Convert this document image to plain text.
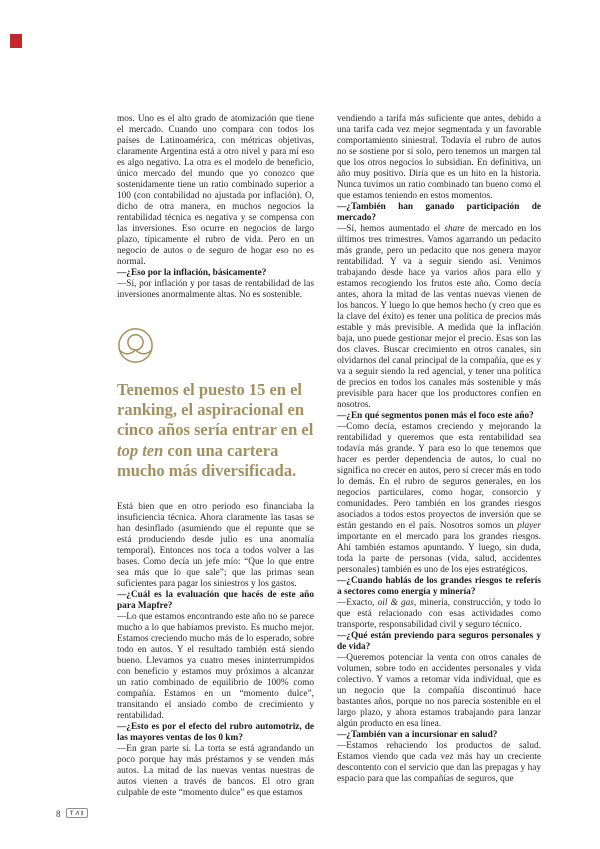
mos. Uno es el alto grado de atomización que tiene el mercado. Cuando uno compara con todos los países de Latinoamérica, con métricas objetivas, claramente Argentina está a otro nivel y para mí eso es algo negativo. La otra es el modelo de beneficio, único mercado del mundo que yo conozco que sostenidamente tiene un ratio combinado superior a 100 (con contabilidad no ajustada por inflación). O, dicho de otra manera, en muchos negocios la rentabilidad técnica es negativa y se compensa con las inversiones. Eso ocurre en negocios de largo plazo, típicamente el rubro de vida. Pero en un negocio de autos o de seguro de hogar eso no es normal.

—¿Eso por la inflación, básicamente?

—Sí, por inflación y por tasas de rentabilidad de las inversiones anormalmente altas. No es sostenible.

Tenemos el puesto 15 en el ranking, el aspiracional en cinco años sería entrar en el top ten con una cartera mucho más diversificada.

Está bien que en otro periodo eso financiaba la insuficiencia técnica. Ahora claramente las tasas se han desinflado (asumiendo que el repunte que se está produciendo desde julio es una anomalía temporal). Entonces nos toca a todos volver a las bases. Como decía un jefe mío: “Que lo que entre sea más que lo que sale”; que las primas sean suficientes para pagar los siniestros y los gastos.

—¿Cuál es la evaluación que hacés de este año para Mapfre?

—Lo que estamos encontrando este año no se parece mucho a lo que habíamos previsto. Es mucho mejor. Estamos creciendo mucho más de lo esperado, sobre todo en autos. Y el resultado también está siendo bueno. Llevamos ya cuatro meses ininterrumpidos con beneficio y estamos muy próximos a alcanzar un ratio combinado de equilibrio de 100% como compañía. Estamos en un “momento dulce”, transitando el ansiado combo de crecimiento y rentabilidad.

—¿Esto es por el efecto del rubro automotriz, de las mayores ventas de los 0 km?

—En gran parte sí. La torta se está agrandando un poco porque hay más préstamos y se venden más autos. La mitad de las nuevas ventas nuestras de autos vienen a través de bancos. El otro gran culpable de este “momento dulce” es que estamos

vendiendo a tarifa más suficiente que antes, debido a una tarifa cada vez mejor segmentada y un favorable comportamiento siniestral. Todavía el rubro de autos no se sostiene por sí solo, pero tenemos un margen tal que los otros negocios lo subsidian. En definitiva, un año muy positivo. Diría que es un hito en la historia. Nunca tuvimos un ratio combinado tan bueno como el que estamos teniendo en estos momentos.

—¿También han ganado participación de mercado?

—Sí, hemos aumentado el share de mercado en los últimos tres trimestres. Vamos agarrando un pedacito más grande, pero un pedacito que nos genera mayor rentabilidad. Y va a seguir siendo así. Venimos trabajando desde hace ya varios años para ello y estamos recogiendo los frutos este año. Como decía antes, ahora la mitad de las ventas nuevas vienen de los bancos. Y luego lo que hemos hecho (y creo que es la clave del éxito) es tener una política de precios más estable y más previsible. A medida que la inflación baja, uno puede gestionar mejor el precio. Esas son las dos claves. Buscar crecimiento en otros canales, sin olvidarnos del canal principal de la compañía, que es y va a seguir siendo la red agencial, y tener una política de precios en todos los canales más sostenible y más previsible para hacer que los productores confíen en nosotros.

—¿En qué segmentos ponen más el foco este año?

—Como decía, estamos creciendo y mejorando la rentabilidad y queremos que esta rentabilidad sea todavía más grande. Y para eso lo que tenemos que hacer es perder dependencia de autos, lo cual no significa no crecer en autos, pero sí crecer más en todo lo demás. En el rubro de seguros generales, en los negocios particulares, como hogar, consorcio y comunidades. Pero también en los grandes riesgos asociados a todos estos proyectos de inversión que se están gestando en el país. Nosotros somos un player importante en el mercado para los grandes riesgos. Ahí también estamos apuntando. Y luego, sin duda, toda la parte de personas (vida, salud, accidentes personales) también es uno de los ejes estratégicos.

—¿Cuando hablás de los grandes riesgos te referís a sectores como energía y minería?

—Exacto, oil & gas, minería, construcción, y todo lo que está relacionado con esas actividades como transporte, responsabilidad civil y seguro técnico.

—¿Qué están previendo para seguros personales y de vida?

—Queremos potenciar la venta con otros canales de volumen, sobre todo en accidentes personales y vida colectivo. Y vamos a retomar vida individual, que es un negocio que la compañía discontinuó hace bastantes años, porque no nos parecía sostenible en el largo plazo, y ahora estamos trabajando para lanzar algún producto en esa línea.

—¿También van a incursionar en salud?

—Estamos rehaciendo los productos de salud. Estamos viendo que cada vez más hay un creciente descontento con el servicio que dan las prepagas y hay espacio para que las compañías de seguros, que

8
